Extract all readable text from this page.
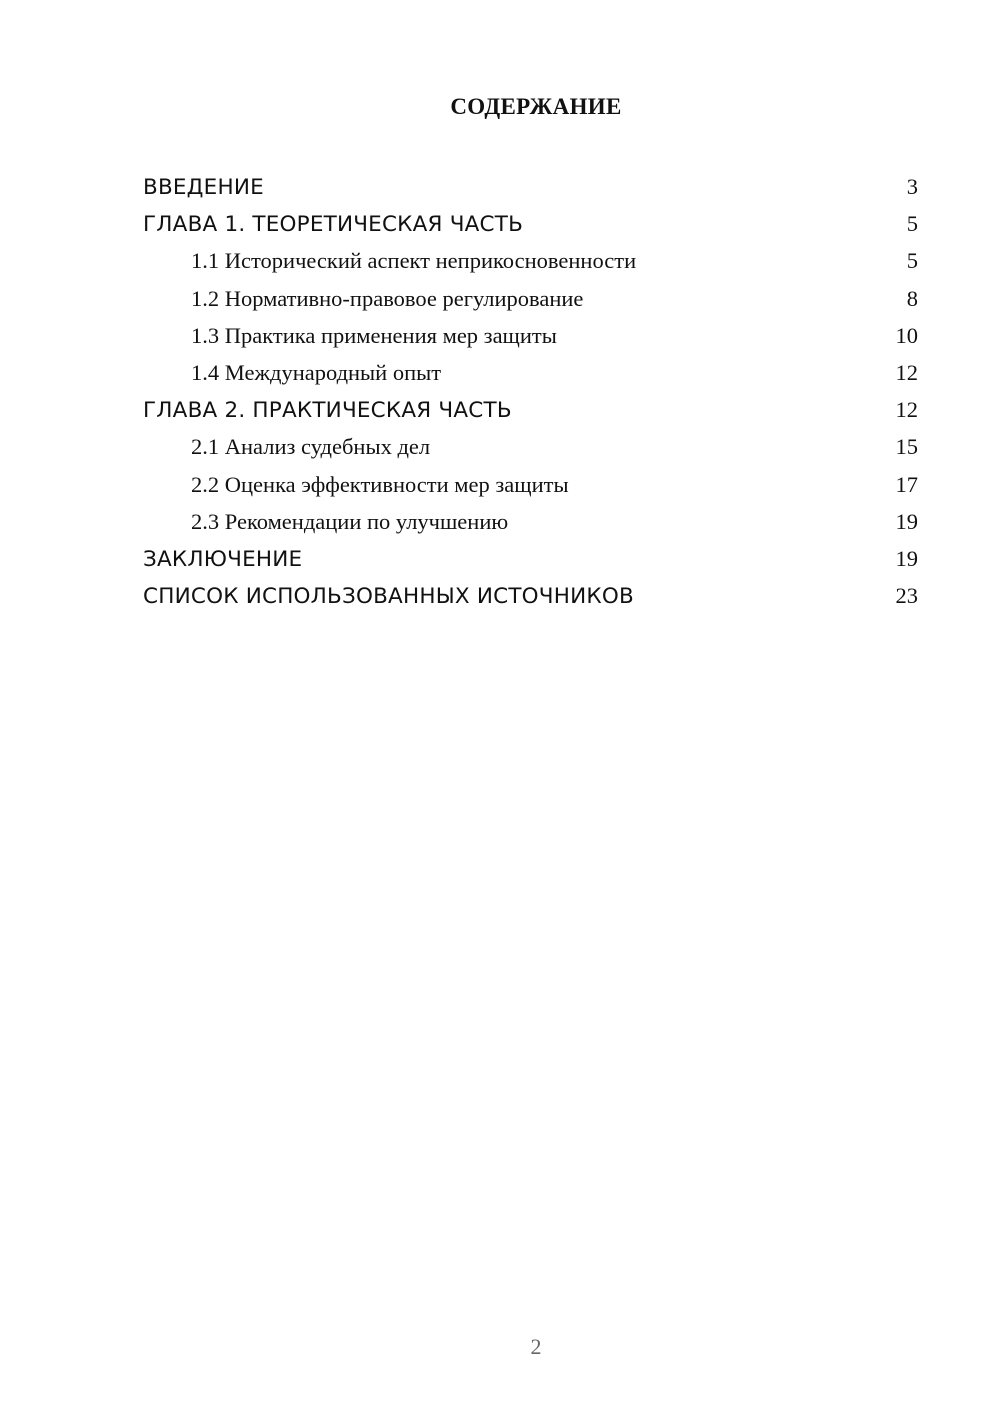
СОДЕРЖАНИЕ
ВВЕДЕНИЕ	3
ГЛАВА 1. ТЕОРЕТИЧЕСКАЯ ЧАСТЬ	5
1.1 Исторический аспект неприкосновенности	5
1.2 Нормативно-правовое регулирование	8
1.3 Практика применения мер защиты	10
1.4 Международный опыт	12
ГЛАВА 2. ПРАКТИЧЕСКАЯ ЧАСТЬ	12
2.1 Анализ судебных дел	15
2.2 Оценка эффективности мер защиты	17
2.3 Рекомендации по улучшению	19
ЗАКЛЮЧЕНИЕ	19
СПИСОК ИСПОЛЬЗОВАННЫХ ИСТОЧНИКОВ	23
2
